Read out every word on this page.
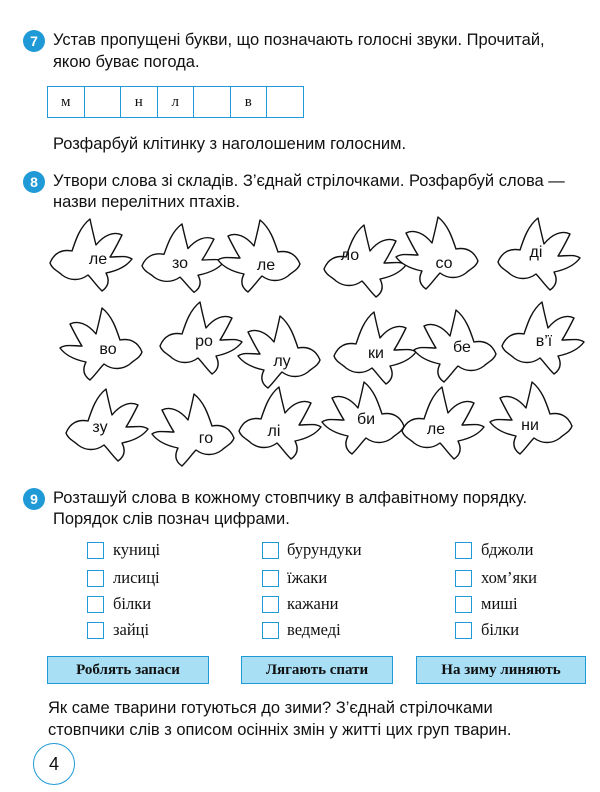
7 Устав пропущені букви, що позначають голосні звуки. Прочитай,
якою буває погода.
м	н	л	в
Розфарбуй клітинку з наголошеним голосним.
8 Утвори слова зі складів. З’єднай стрілочками. Розфарбуй слова —
назви перелітних птахів.
ле	зо	ле
ло	со
ді
во	ро
лу	ки	бе	в’ї
зу
го	лі
би
ле	ни
9 Розташуй слова в кожному стовпчику в алфавітному порядку.
Порядок слів познач цифрами.
куниці
лисиці
білки
зайці
бурундуки
їжаки
кажани
ведмеді
бджоли
хом’яки
миші
білки
Роблять запаси	Лягають спати	На зиму линяють
Як саме тварини готуються до зими? З’єднай стрілочками
стовпчики слів з описом осінніх змін у житті цих груп тварин.
4
